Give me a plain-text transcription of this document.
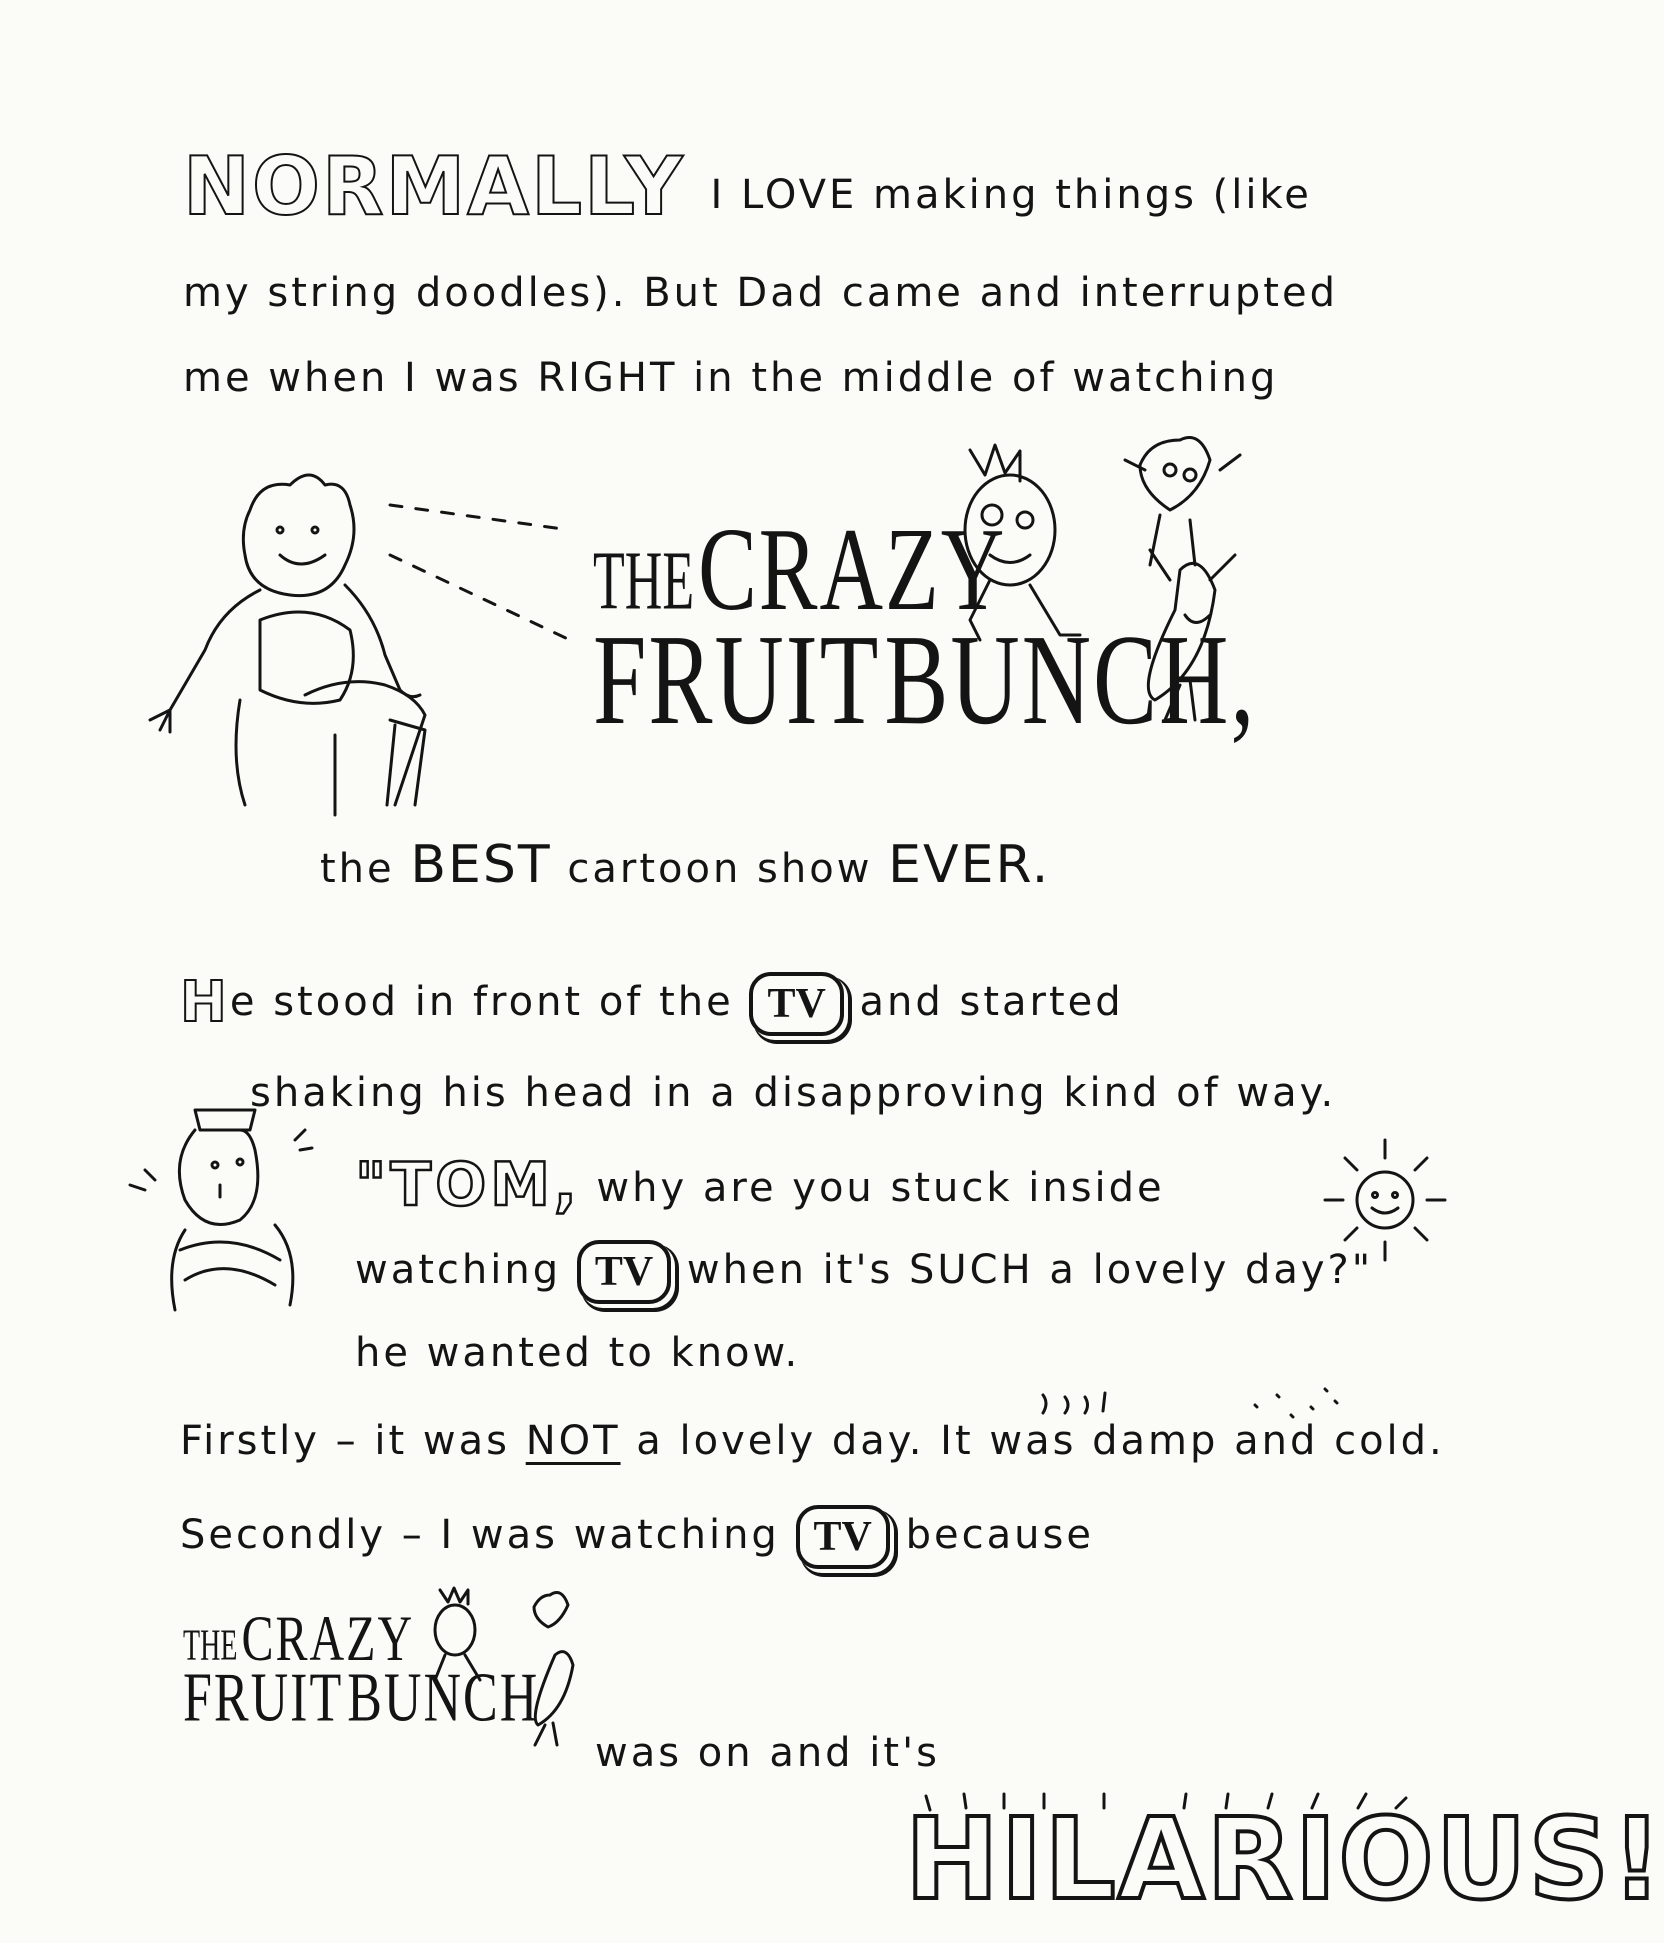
NORMALLY I LOVE making things (like
my string doodles). But Dad came and interrupted
me when I was RIGHT in the middle of watching
THE CRAZY
FRUIT BUNCH,
the BEST cartoon show EVER.
He stood in front of the TV and started
shaking his head in a disapproving kind of way.
"TOM, why are you stuck inside
watching TV when it's SUCH a lovely day?"
he wanted to know.
Firstly – it was NOT a lovely day. It was damp and cold.
Secondly – I was watching TV because
THE CRAZY
FRUIT BUNCH
was on and it's
HILARIOUS!
